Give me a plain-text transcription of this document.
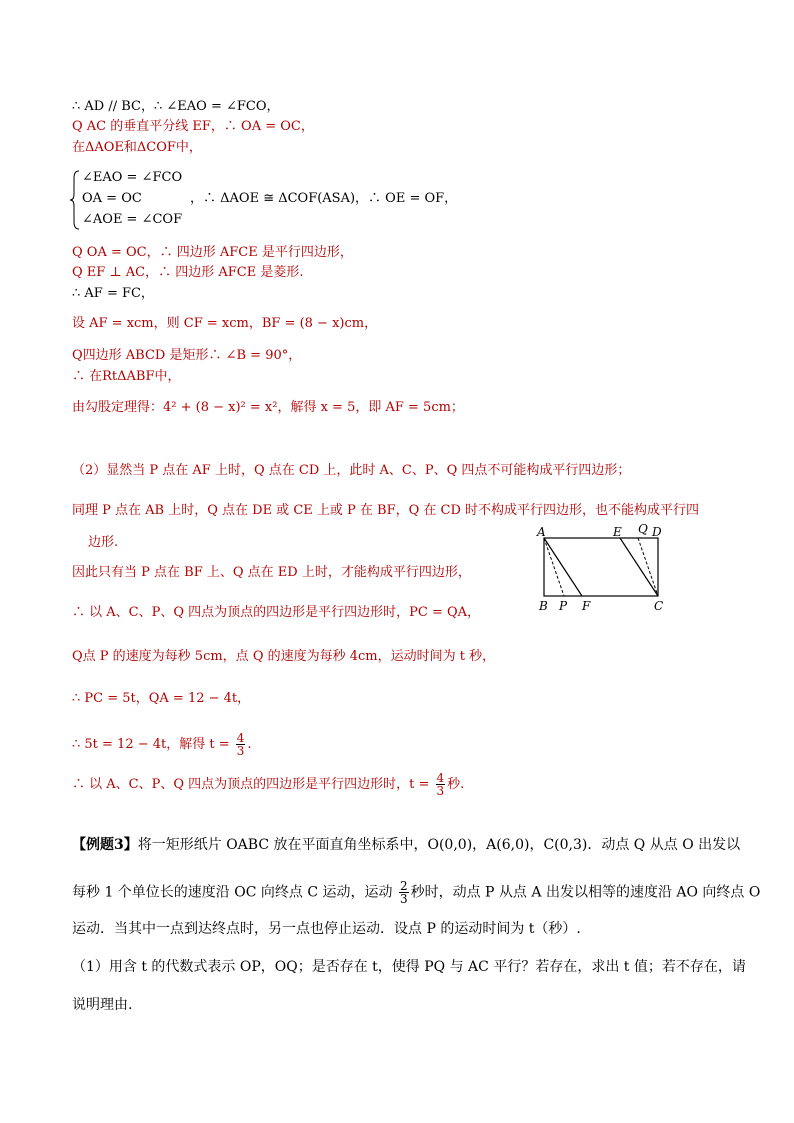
∴ AD // BC，∴ ∠EAO = ∠FCO，
Q AC 的垂直平分线 EF，∴ OA = OC，
在ΔAOE和ΔCOF中，
∠EAO = ∠FCO
OA = OC
∠AOE = ∠COF
，∴ ΔAOE ≅ ΔCOF(ASA)，∴ OE = OF，
Q OA = OC，∴ 四边形 AFCE 是平行四边形，
Q EF ⊥ AC，∴ 四边形 AFCE 是菱形.
∴ AF = FC，
设 AF = xcm，则 CF = xcm，BF = (8 − x)cm，
Q四边形 ABCD 是矩形∴ ∠B = 90°，
∴ 在RtΔABF中，
由勾股定理得：4² + (8 − x)² = x²，解得 x = 5，即 AF = 5cm；
（2）显然当 P 点在 AF 上时，Q 点在 CD 上，此时 A、C、P、Q 四点不可能构成平行四边形；
同理 P 点在 AB 上时，Q 点在 DE 或 CE 上或 P 在 BF，Q 在 CD 时不构成平行四边形，也不能构成平行四
边形.
因此只有当 P 点在 BF 上、Q 点在 ED 上时，才能构成平行四边形，
∴ 以 A、C、P、Q 四点为顶点的四边形是平行四边形时，PC = QA，
Q点 P 的速度为每秒 5cm，点 Q 的速度为每秒 4cm，运动时间为 t 秒，
∴ PC = 5t，QA = 12 − 4t，
∴ 5t = 12 − 4t，解得 $t = \frac{4}{3}$ .
∴ 以 A、C、P、Q 四点为顶点的四边形是平行四边形时，$t = \frac{4}{3}$ 秒.
A	E Q D
B P F	C
【例题3】将一矩形纸片 OABC 放在平面直角坐标系中，O(0,0)，A(6,0)，C(0,3)．动点 Q 从点 O 出发以
每秒 1 个单位长的速度沿 OC 向终点 C 运动，运动 $\frac{2}{3}$ 秒时，动点 P 从点 A 出发以相等的速度沿 AO 向终点 O
运动．当其中一点到达终点时，另一点也停止运动．设点 P 的运动时间为 t（秒）.
（1）用含 t 的代数式表示 OP，OQ；是否存在 t，使得 PQ 与 AC 平行？若存在，求出 t 值；若不存在，请
说明理由.
